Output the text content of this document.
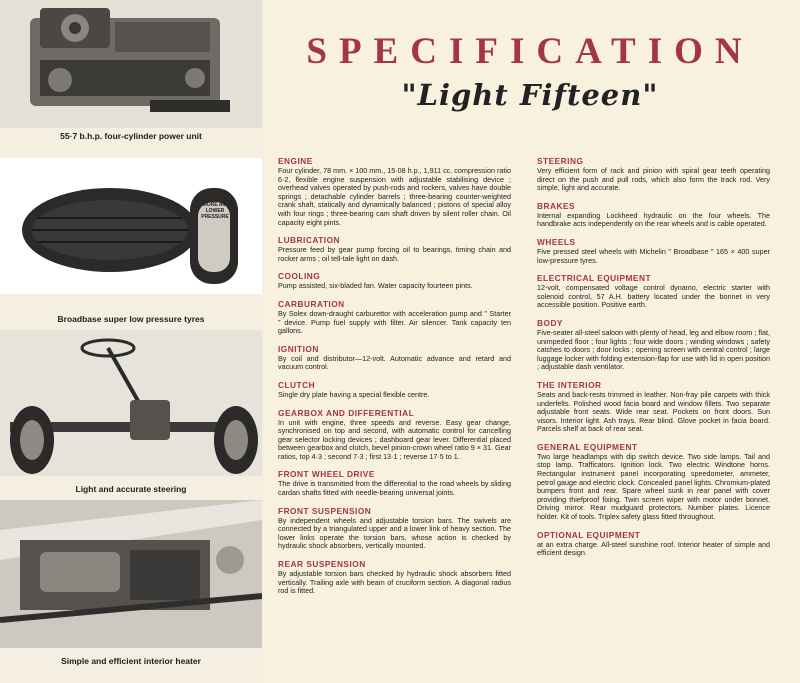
55·7 b.h.p. four-cylinder power unit
MORE AIR LOWER PRESSURE
Broadbase super low pressure tyres
Light and accurate steering
Simple and efficient interior heater
SPECIFICATION
"Light Fifteen"
ENGINE

Four cylinder, 78 mm. × 100 mm., 15·08 h.p., 1,911 cc. compression ratio 6·2, flexible engine suspension with adjustable stabilising device ; overhead valves operated by push-rods and rockers, valves have double springs ; detachable cylinder barrels ; three-bearing counter-weighted crank shaft, statically and dynamically balanced ; pistons of special alloy with four rings ; three-bearing cam shaft driven by silent roller chain. Oil capacity eight pints.

LUBRICATION

Pressure feed by gear pump forcing oil to bearings, timing chain and rocker arms ; oil tell-tale light on dash.

COOLING

Pump assisted, six-bladed fan. Water capacity fourteen pints.

CARBURATION

By Solex down-draught carburettor with acceleration pump and " Starter " device. Pump fuel supply with filter. Air silencer. Tank capacity ten gallons.

IGNITION

By coil and distributor—12-volt. Automatic advance and retard and vacuum control.

CLUTCH

Single dry plate having a special flexible centre.

GEARBOX AND DIFFERENTIAL

In unit with engine, three speeds and reverse. Easy gear change, synchronised on top and second, with automatic control for cancelling gear selector locking devices ; dashboard gear lever. Differential placed between gearbox and clutch, bevel pinion-crown wheel ratio 9 × 31. Gear ratios, top 4·3 ; second 7·3 ; first 13·1 ; reverse 17·5 to 1.

FRONT WHEEL DRIVE

The drive is transmitted from the differential to the road wheels by sliding cardan shafts fitted with needle-bearing universal joints.

FRONT SUSPENSION

By independent wheels and adjustable torsion bars. The swivels are connected by a triangulated upper and a lower link of heavy section. The lower links operate the torsion bars, whose action is checked by hydraulic shock absorbers, vertically mounted.

REAR SUSPENSION

By adjustable torsion bars checked by hydraulic shock absorbers fitted vertically. Trailing axle with beam of cruciform section. A diagonal radius rod is fitted.

STEERING

Very efficient form of rack and pinion with spiral gear teeth operating direct on the push and pull rods, which also form the track rod. Very simple, light and accurate.

BRAKES

Internal expanding Lockheed hydraulic on the four wheels. The handbrake acts independently on the rear wheels and is cable operated.

WHEELS

Five pressed steel wheels with Michelin " Broadbase " 165 × 400 super low-pressure tyres.

ELECTRICAL EQUIPMENT

12-volt, compensated voltage control dynamo, electric starter with solenoid control, 57 A.H. battery located under the bonnet in very accessible position. Positive earth.

BODY

Five-seater all-steel saloon with plenty of head, leg and elbow room ; flat, unimpeded floor ; four lights ; four wide doors ; winding windows ; safety catches to doors ; door locks ; opening screen with central control ; large luggage locker with folding extension-flap for use with lid in open position ; adjustable dash ventilator.

THE INTERIOR

Seats and back-rests trimmed in leather. Non-fray pile carpets with thick underfelts. Polished wood facia board and window fillets. Two separate adjustable front seats. Wide rear seat. Pockets on front doors. Sun visors. Interior light. Ash trays. Rear blind. Glove pocket in facia board. Parcels shelf at back of rear seat.

GENERAL EQUIPMENT

Two large headlamps with dip switch device. Two side lamps. Tail and stop lamp. Trafficators. Ignition lock. Two electric Windtone horns. Rectangular instrument panel incorporating speedometer, ammeter, petrol gauge and electric clock. Concealed panel lights. Chromium-plated bumpers front and rear. Spare wheel sunk in rear panel with cover providing thiefproof fixing. Twin screen wiper with motor under bonnet. Driving mirror. Rear mudguard protectors. Number plates. Licence holder. Kit of tools. Triplex safety glass fitted throughout.

OPTIONAL EQUIPMENT

at an extra charge. All-steel sunshine roof. Interior heater of simple and efficient design.
